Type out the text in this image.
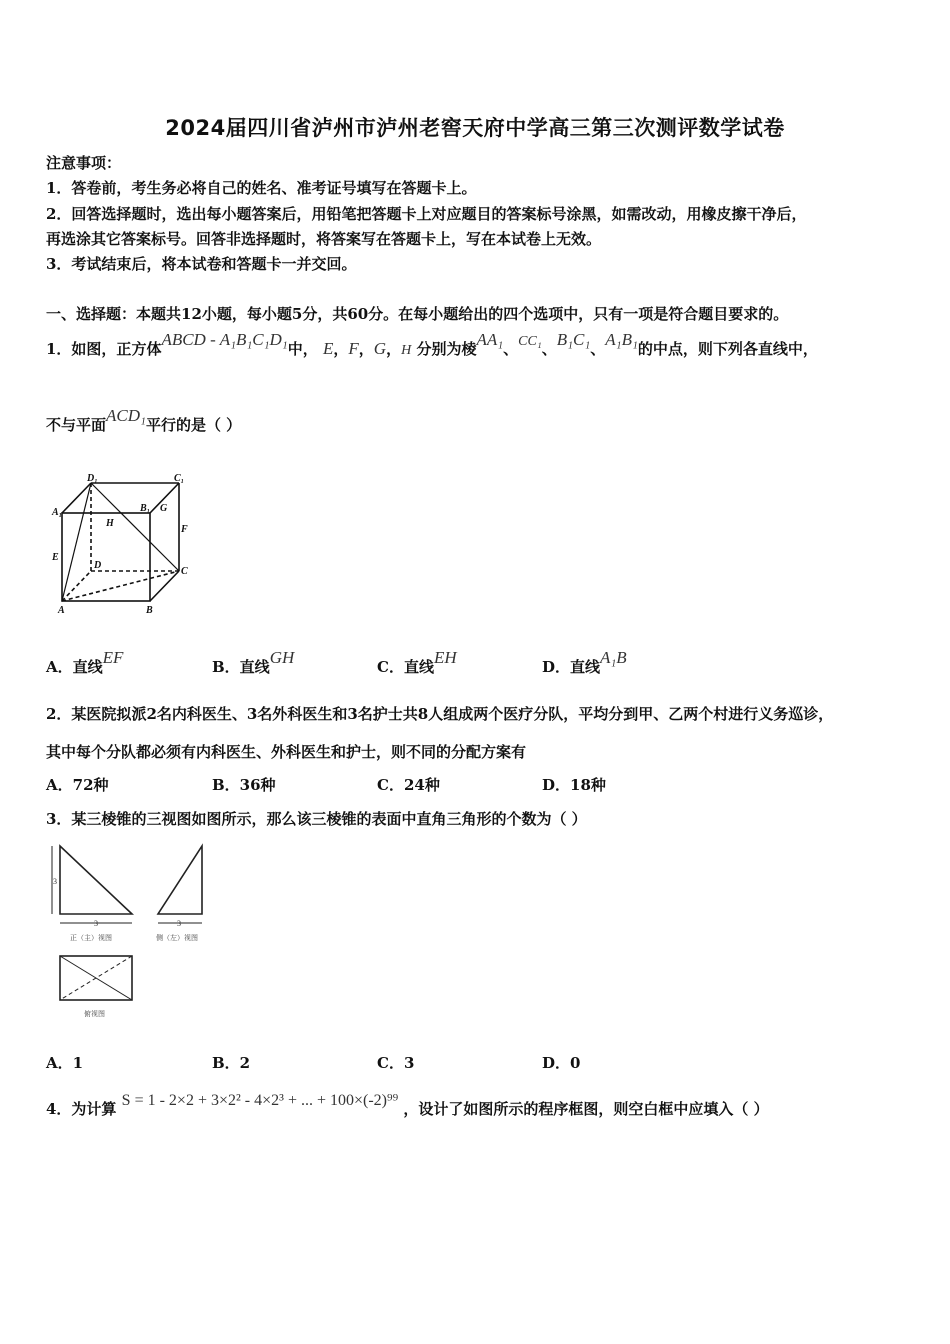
2024届四川省泸州市泸州老窖天府中学高三第三次测评数学试卷
注意事项：
1．答卷前，考生务必将自己的姓名、准考证号填写在答题卡上。
2．回答选择题时，选出每小题答案后，用铅笔把答题卡上对应题目的答案标号涂黑，如需改动，用橡皮擦干净后，
再选涂其它答案标号。回答非选择题时，将答案写在答题卡上，写在本试卷上无效。
3．考试结束后，将本试卷和答题卡一并交回。
一、选择题：本题共12小题，每小题5分，共60分。在每小题给出的四个选项中，只有一项是符合题目要求的。
1．如图，正方体ABCD - A₁B₁C₁D₁中， E，F，G，H 分别为棱AA₁、CC₁、B₁C₁、A₁B₁的中点，则下列各直线中，
不与平面ACD₁平行的是（ ）
D₁	C₁
A₁	B₁ G
H
F
E
D
C
A	B
A．直线EF	B．直线GH	C．直线EH	D．直线A₁B
2．某医院拟派2名内科医生、3名外科医生和3名护士共8人组成两个医疗分队，平均分到甲、乙两个村进行义务巡诊，
其中每个分队都必须有内科医生、外科医生和护士，则不同的分配方案有
A．72种	B．36种	C．24种	D．18种
3．某三棱锥的三视图如图所示，那么该三棱锥的表面中直角三角形的个数为（ ）
3
3	3
正（主）视图	侧（左）视图
俯视图
A．1	B．2	C．3	D．0
4．为计算 S = 1 - 2×2 + 3×2² - 4×2³ + ... + 100×(-2)⁹⁹ ，设计了如图所示的程序框图，则空白框中应填入（ ）
